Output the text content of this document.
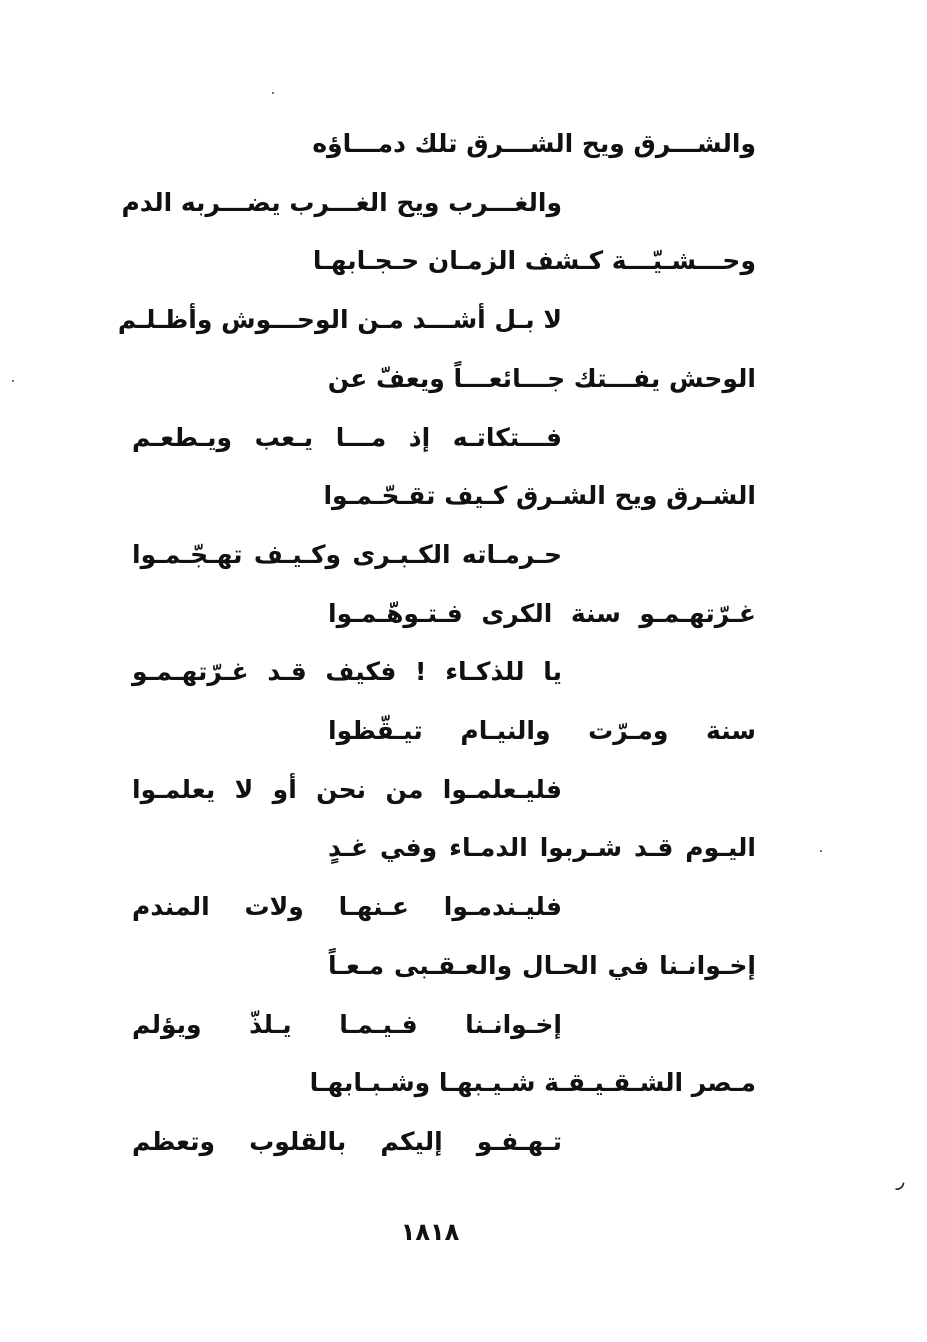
والشـــرق ويح الشـــرق تلك دمـــاؤه
والغـــرب ويح الغـــرب يضـــربه الدم
وحـــشـيّـــة كـشف الزمـان حـجـابهـا
لا بـل أشـــد مـن الوحـــوش وأظـلـم
الوحش يفـــتك جـــائعـــاً ويعفّ عن
فـــتكاتـه إذ مـــا يـعب ويـطعـم
الشـرق ويح الشـرق كـيف تقـحّـمـوا
حـرمـاته الكـبـرى وكـيـف تهـجّـمـوا
غـرّتهـمـو سنة الكرى فـتـوهّـمـوا
يا للذكـاء ! فكيف قـد غـرّتهـمـو
سنة ومـرّت والنيـام تيـقّظوا
فليـعلمـوا من نحن أو لا يعلمـوا
اليـوم قـد شـربوا الدمـاء وفي غـدٍ
فليـندمـوا عـنهـا ولات المندم
إخـوانـنا في الحـال والعـقـبى مـعـاً
إخـوانـنا فـيـمـا يـلذّ ويؤلم
مـصر الشـقـيـقـة شـيـبهـا وشـبـابهـا
تـهـفـو إليكم بالقلوب وتعظم
١٨١٨
٫
